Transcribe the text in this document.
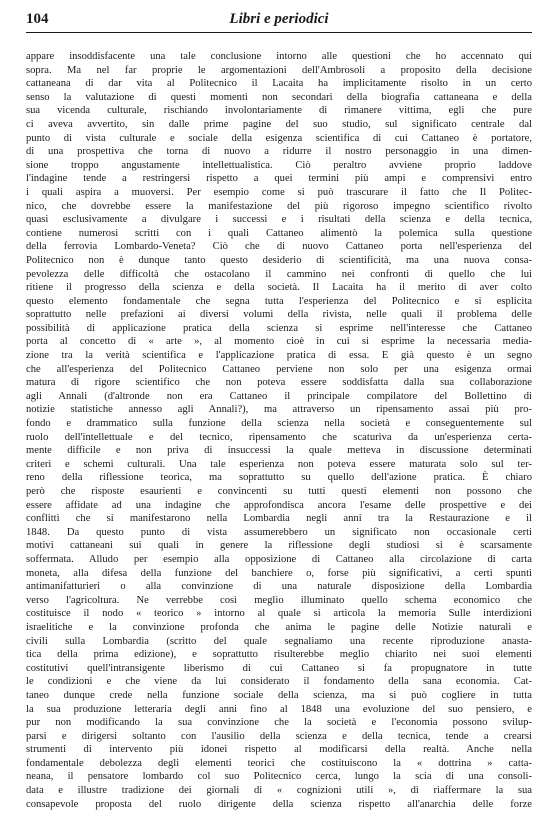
104	Libri e periodici
appare insoddisfacente una tale conclusione intorno alle questioni che ho accennato qui
sopra. Ma nel far proprie le argomentazioni dell'Ambrosoli a proposito della decisione
cattaneana di dar vita al Politecnico il Lacaita ha implicitamente risolto in un certo
senso la valutazione di questi momenti non secondari della biografia cattaneana e della
sua vicenda culturale, rischiando involontariamente di rimanere vittima, egli che pure
ci aveva avvertito, sin dalle prime pagine del suo studio, sul significato centrale dal
punto di vista culturale e sociale della esigenza scientifica di cui Cattaneo è portatore,
di una prospettiva che torna di nuovo a ridurre il nostro personaggio in una dimen-
sione troppo angustamente intellettualistica. Ciò peraltro avviene proprio laddove
l'indagine tende a restringersi rispetto a quei termini più ampi e comprensivi entro
i quali aspira a muoversi. Per esempio come si può trascurare il fatto che Il Politec-
nico, che dovrebbe essere la manifestazione del più rigoroso impegno scientifico rivolto
quasi esclusivamente a divulgare i successi e i risultati della scienza e della tecnica,
contiene numerosi scritti con i quali Cattaneo alimentò la polemica sulla questione
della ferrovia Lombardo-Veneta? Ciò che di nuovo Cattaneo porta nell'esperienza del
Politecnico non è dunque tanto questo desiderio di scientificità, ma una nuova consa-
pevolezza delle difficoltà che ostacolano il cammino nei confronti di quello che lui
ritiene il progresso della scienza e della società. Il Lacaita ha il merito di aver colto
questo elemento fondamentale che segna tutta l'esperienza del Politecnico e si esplicita
soprattutto nelle prefazioni ai diversi volumi della rivista, nelle quali il problema delle
possibilità di applicazione pratica della scienza si esprime nell'interesse che Cattaneo
porta al concetto di « arte », al momento cioè in cui si esprime la necessaria media-
zione tra la verità scientifica e l'applicazione pratica di essa. E già questo è un segno
che all'esperienza del Politecnico Cattaneo perviene non solo per una esigenza ormai
matura di rigore scientifico che non poteva essere soddisfatta dalla sua collaborazione
agli Annali (d'altronde non era Cattaneo il principale compilatore del Bollettino di
notizie statistiche annesso agli Annali?), ma attraverso un ripensamento assai più pro-
fondo e drammatico sulla funzione della scienza nella società e conseguentemente sul
ruolo dell'intellettuale e del tecnico, ripensamento che scaturiva da un'esperienza certa-
mente difficile e non priva di insuccessi la quale metteva in discussione determinati
criteri e schemi culturali. Una tale esperienza non poteva essere maturata solo sul ter-
reno della riflessione teorica, ma soprattutto su quello dell'azione pratica. È chiaro
però che risposte esaurienti e convincenti su tutti questi elementi non possono che
essere affidate ad una indagine che approfondisca ancora l'esame delle prospettive e dei
conflitti che si manifestarono nella Lombardia negli anni tra la Restaurazione e il
1848. Da questo punto di vista assumerebbero un significato non occasionale certi
motivi cattaneani sui quali in genere la riflessione degli studiosi si è scarsamente
soffermata. Alludo per esempio alla opposizione di Cattaneo alla circolazione di carta
moneta, alla difesa della funzione del banchiere o, forse più significativi, a certi spunti
antimanifatturieri o alla convinzione di una naturale disposizione della Lombardia
verso l'agricoltura. Ne verrebbe così meglio illuminato quello schema economico che
costituisce il nodo « teorico » intorno al quale si articola la memoria Sulle interdizioni
israelitiche e la convinzione profonda che anima le pagine delle Notizie naturali e
civili sulla Lombardia (scritto del quale segnaliamo una recente riproduzione anasta-
tica della prima edizione), e soprattutto risulterebbe meglio chiarito nei suoi elementi
costitutivi quell'intransigente liberismo di cui Cattaneo si fa propugnatore in tutte
le condizioni e che viene da lui considerato il fondamento della sana economia. Cat-
taneo dunque crede nella funzione sociale della scienza, ma si può cogliere in tutta
la sua produzione letteraria degli anni fino al 1848 una evoluzione del suo pensiero, e
pur non modificando la sua convinzione che la società e l'economia possono svilup-
parsi e dirigersi soltanto con l'ausilio della scienza e della tecnica, tende a crearsi
strumenti di intervento più idonei rispetto al modificarsi della realtà. Anche nella
fondamentale debolezza degli elementi teorici che costituiscono la « dottrina » catta-
neana, il pensatore lombardo col suo Politecnico cerca, lungo la scia di una consoli-
data e illustre tradizione dei giornali di « cognizioni utili », di riaffermare la sua
consapevole proposta del ruolo dirigente della scienza rispetto all'anarchia delle forze
